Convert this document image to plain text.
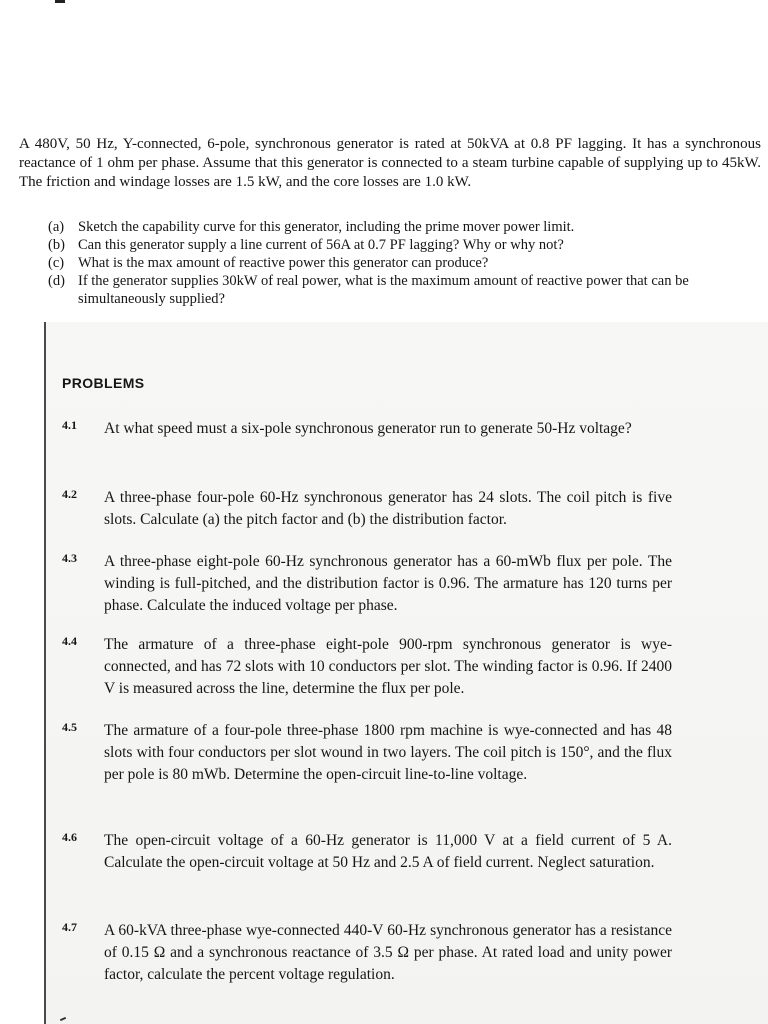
A 480V, 50 Hz, Y-connected, 6-pole, synchronous generator is rated at 50kVA at 0.8 PF lagging. It has a synchronous reactance of 1 ohm per phase. Assume that this generator is connected to a steam turbine capable of supplying up to 45kW. The friction and windage losses are 1.5 kW, and the core losses are 1.0 kW.

(a) Sketch the capability curve for this generator, including the prime mover power limit.
(b) Can this generator supply a line current of 56A at 0.7 PF lagging? Why or why not?
(c) What is the max amount of reactive power this generator can produce?
(d) If the generator supplies 30kW of real power, what is the maximum amount of reactive power that can be simultaneously supplied?
PROBLEMS
4.1 At what speed must a six-pole synchronous generator run to generate 50-Hz voltage?
4.2 A three-phase four-pole 60-Hz synchronous generator has 24 slots. The coil pitch is five slots. Calculate (a) the pitch factor and (b) the distribution factor.
4.3 A three-phase eight-pole 60-Hz synchronous generator has a 60-mWb flux per pole. The winding is full-pitched, and the distribution factor is 0.96. The armature has 120 turns per phase. Calculate the induced voltage per phase.
4.4 The armature of a three-phase eight-pole 900-rpm synchronous generator is wye-connected, and has 72 slots with 10 conductors per slot. The winding factor is 0.96. If 2400 V is measured across the line, determine the flux per pole.
4.5 The armature of a four-pole three-phase 1800 rpm machine is wye-connected and has 48 slots with four conductors per slot wound in two layers. The coil pitch is 150°, and the flux per pole is 80 mWb. Determine the open-circuit line-to-line voltage.
4.6 The open-circuit voltage of a 60-Hz generator is 11,000 V at a field current of 5 A. Calculate the open-circuit voltage at 50 Hz and 2.5 A of field current. Neglect saturation.
4.7 A 60-kVA three-phase wye-connected 440-V 60-Hz synchronous generator has a resistance of 0.15 Ω and a synchronous reactance of 3.5 Ω per phase. At rated load and unity power factor, calculate the percent voltage regulation.
